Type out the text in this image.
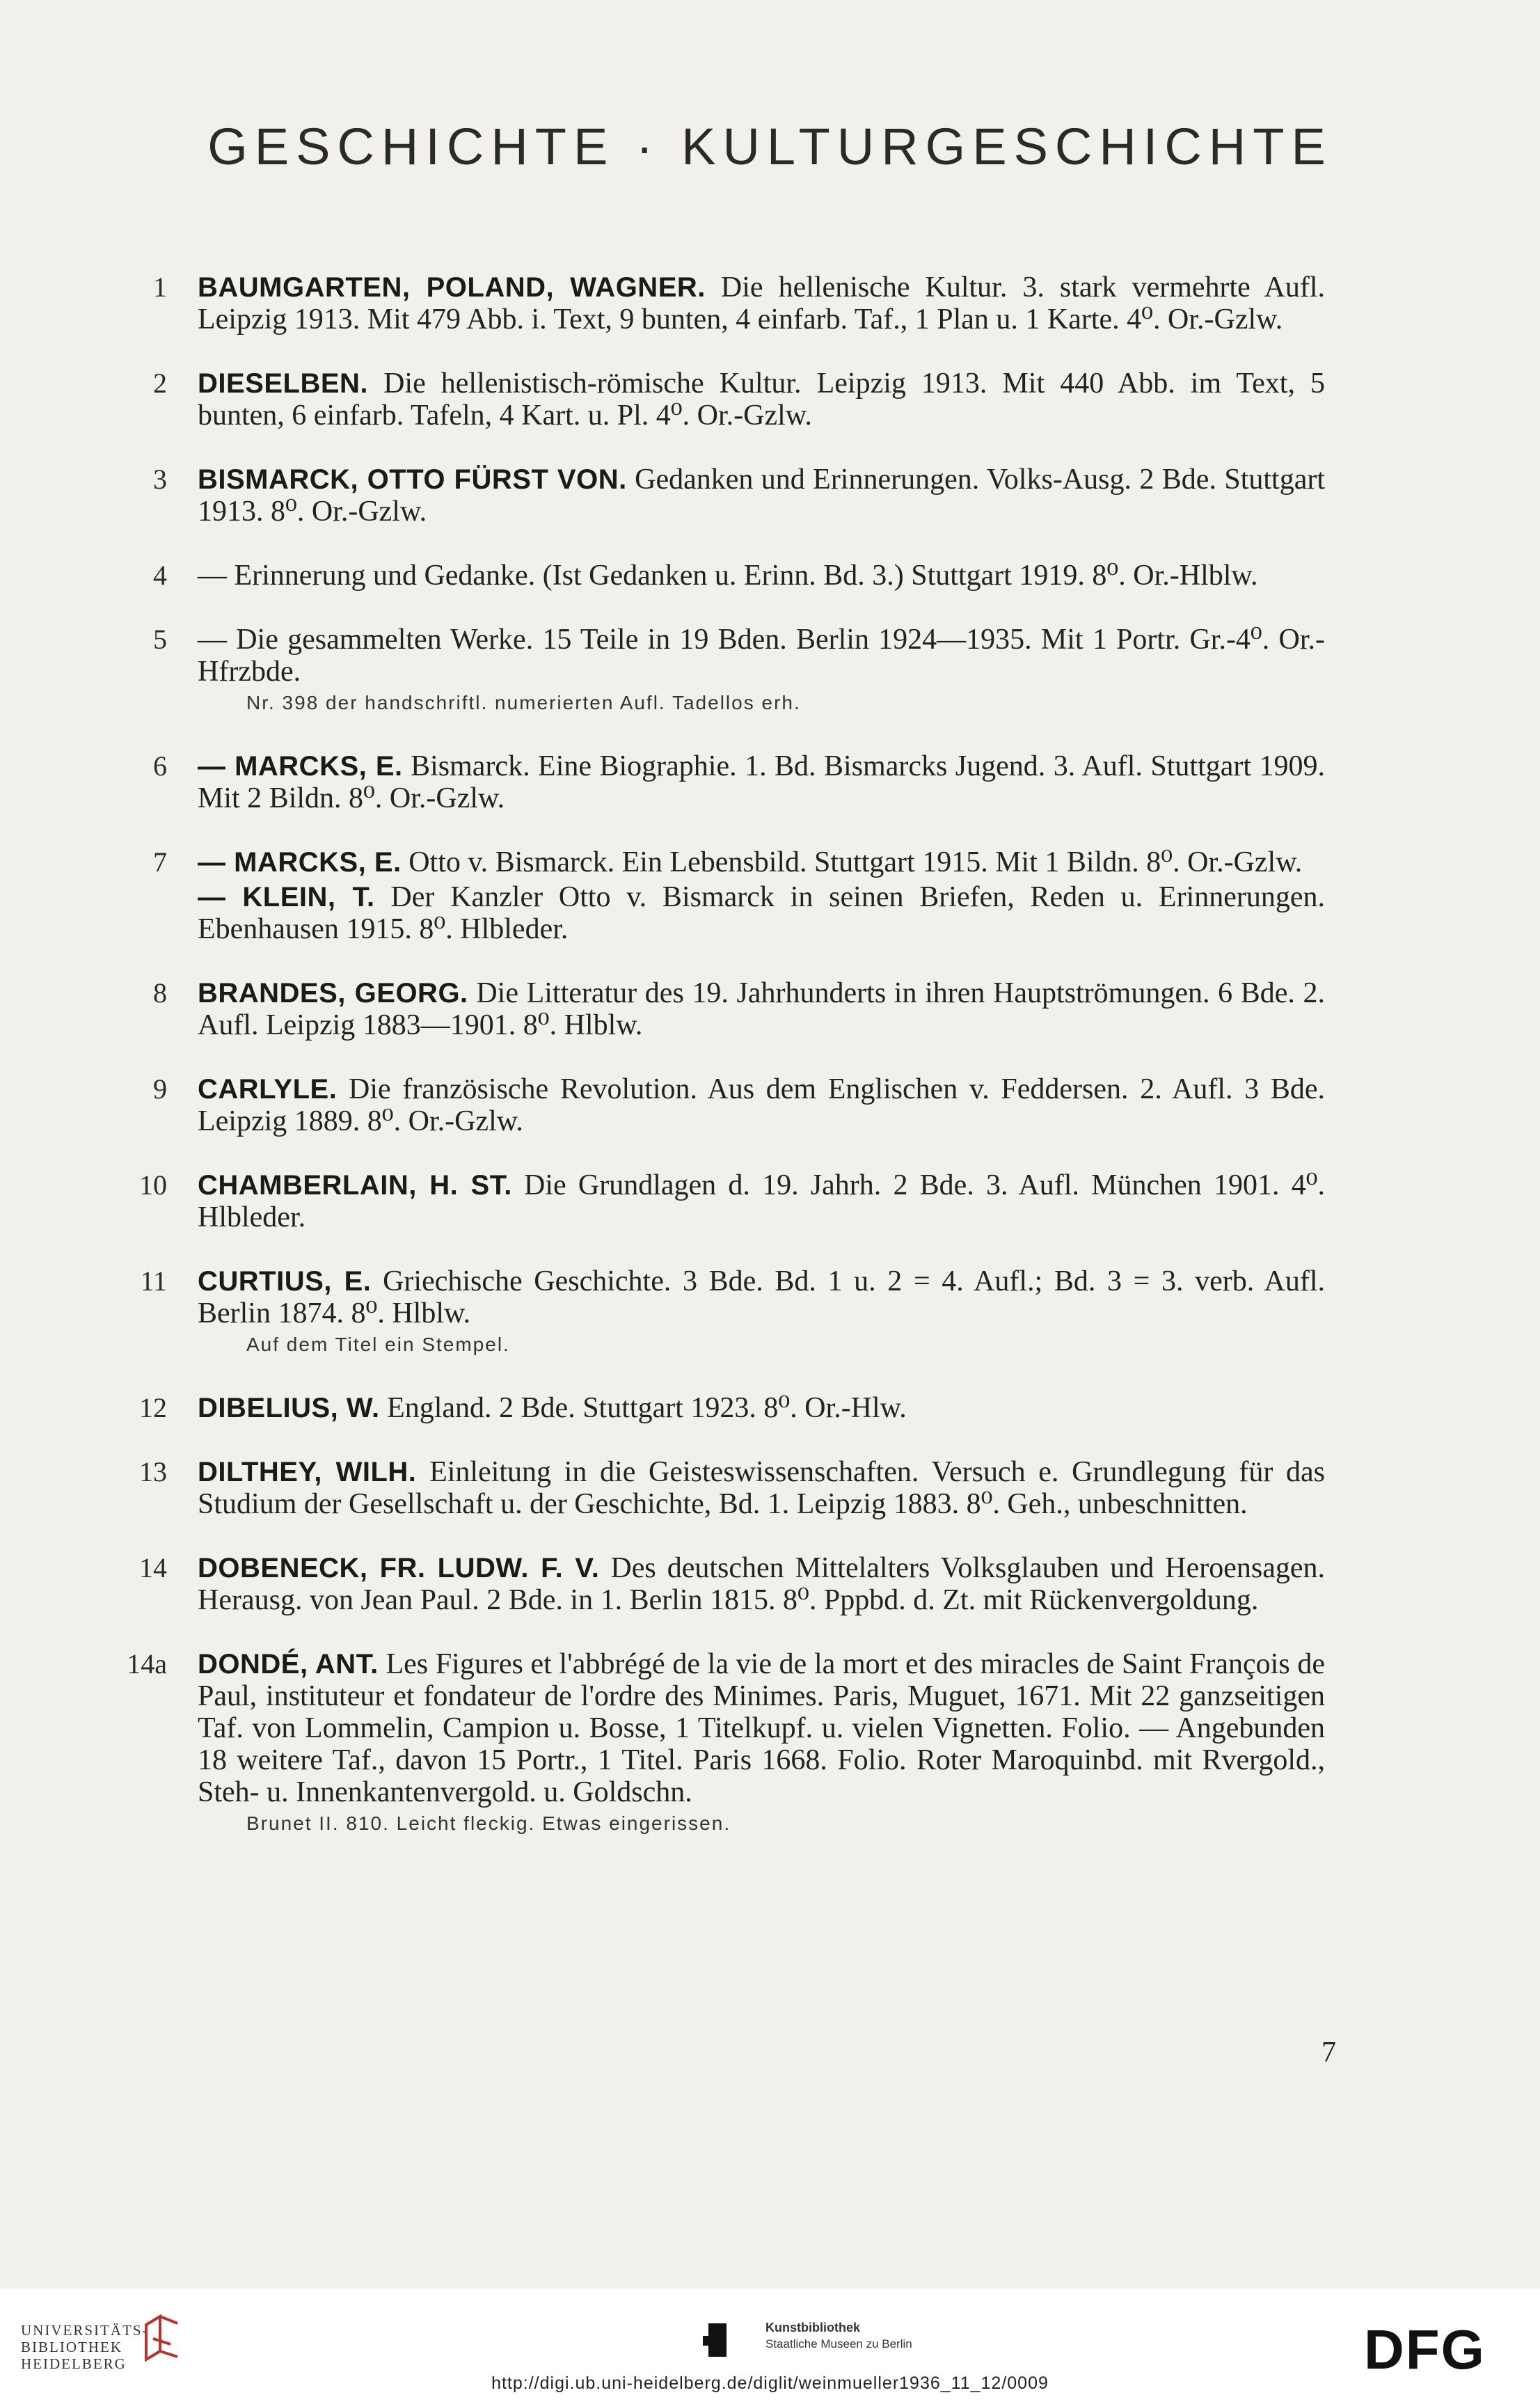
GESCHICHTE · KULTURGESCHICHTE
1 BAUMGARTEN, POLAND, WAGNER. Die hellenische Kultur. 3. stark vermehrte Aufl. Leipzig 1913. Mit 479 Abb. i. Text, 9 bunten, 4 einfarb. Taf., 1 Plan u. 1 Karte. 4⁰. Or.-Gzlw.
2 DIESELBEN. Die hellenistisch-römische Kultur. Leipzig 1913. Mit 440 Abb. im Text, 5 bunten, 6 einfarb. Tafeln, 4 Kart. u. Pl. 4⁰. Or.-Gzlw.
3 BISMARCK, OTTO FÜRST VON. Gedanken und Erinnerungen. Volks-Ausg. 2 Bde. Stuttgart 1913. 8⁰. Or.-Gzlw.
4 — Erinnerung und Gedanke. (Ist Gedanken u. Erinn. Bd. 3.) Stuttgart 1919. 8⁰. Or.-Hlblw.
5 — Die gesammelten Werke. 15 Teile in 19 Bden. Berlin 1924—1935. Mit 1 Portr. Gr.-4⁰. Or.-Hfrzbde.
Nr. 398 der handschriftl. numerierten Aufl. Tadellos erh.
6 — MARCKS, E. Bismarck. Eine Biographie. 1. Bd. Bismarcks Jugend. 3. Aufl. Stuttgart 1909. Mit 2 Bildn. 8⁰. Or.-Gzlw.
7 — MARCKS, E. Otto v. Bismarck. Ein Lebensbild. Stuttgart 1915. Mit 1 Bildn. 8⁰. Or.-Gzlw.
— KLEIN, T. Der Kanzler Otto v. Bismarck in seinen Briefen, Reden u. Erinnerungen. Ebenhausen 1915. 8⁰. Hlbleder.
8 BRANDES, GEORG. Die Litteratur des 19. Jahrhunderts in ihren Hauptströmungen. 6 Bde. 2. Aufl. Leipzig 1883—1901. 8⁰. Hlblw.
9 CARLYLE. Die französische Revolution. Aus dem Englischen v. Feddersen. 2. Aufl. 3 Bde. Leipzig 1889. 8⁰. Or.-Gzlw.
10 CHAMBERLAIN, H. ST. Die Grundlagen d. 19. Jahrh. 2 Bde. 3. Aufl. München 1901. 4⁰. Hlbleder.
11 CURTIUS, E. Griechische Geschichte. 3 Bde. Bd. 1 u. 2 = 4. Aufl.; Bd. 3 = 3. verb. Aufl. Berlin 1874. 8⁰. Hlblw.
Auf dem Titel ein Stempel.
12 DIBELIUS, W. England. 2 Bde. Stuttgart 1923. 8⁰. Or.-Hlw.
13 DILTHEY, WILH. Einleitung in die Geisteswissenschaften. Versuch e. Grundlegung für das Studium der Gesellschaft u. der Geschichte, Bd. 1. Leipzig 1883. 8⁰. Geh., unbeschnitten.
14 DOBENECK, FR. LUDW. F. V. Des deutschen Mittelalters Volksglauben und Heroensagen. Herausg. von Jean Paul. 2 Bde. in 1. Berlin 1815. 8⁰. Pppbd. d. Zt. mit Rückenvergoldung.
14a DONDÉ, ANT. Les Figures et l'abbrégé de la vie de la mort et des miracles de Saint François de Paul, instituteur et fondateur de l'ordre des Minimes. Paris, Muguet, 1671. Mit 22 ganzseitigen Taf. von Lommelin, Campion u. Bosse, 1 Titelkupf. u. vielen Vignetten. Folio. — Angebunden 18 weitere Taf., davon 15 Portr., 1 Titel. Paris 1668. Folio. Roter Maroquinbd. mit Rvergold., Steh- u. Innenkantenvergold. u. Goldschn.
Brunet II. 810. Leicht fleckig. Etwas eingerissen.
7
UNIVERSITÄTS-
BIBLIOTHEK
HEIDELBERG
Kunstbibliothek
Staatliche Museen zu Berlin	DFG
http://digi.ub.uni-heidelberg.de/diglit/weinmueller1936_11_12/0009
